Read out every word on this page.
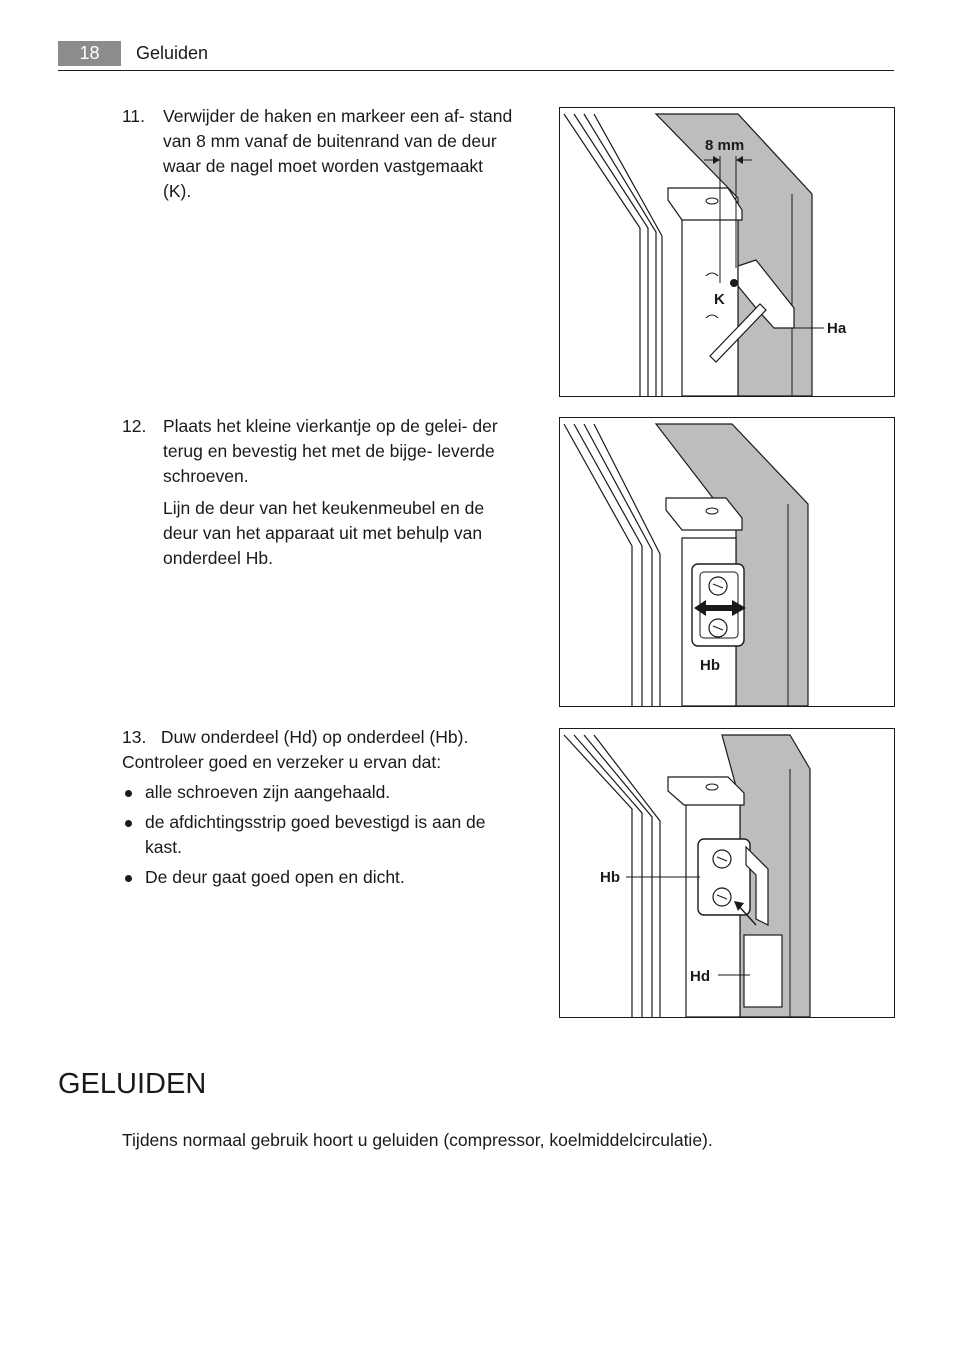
18	Geluiden
11. Verwijder de haken en markeer een af- stand van 8 mm vanaf de buitenrand van de deur waar de nagel moet worden vastgemaakt (K).

12. Plaats het kleine vierkantje op de gelei- der terug en bevestig het met de bijge- leverde schroeven.

Lijn de deur van het keukenmeubel en de deur van het apparaat uit met behulp van onderdeel Hb.

13. Duw onderdeel (Hd) op onderdeel (Hb). Controleer goed en verzeker u ervan dat:
alle schroeven zijn aangehaald.
de afdichtingsstrip goed bevestigd is aan de kast.
De deur gaat goed open en dicht.
8 mm
K
Ha
Hb
Hb
Hd
GELUIDEN

Tijdens normaal gebruik hoort u geluiden (compressor, koelmiddelcirculatie).
